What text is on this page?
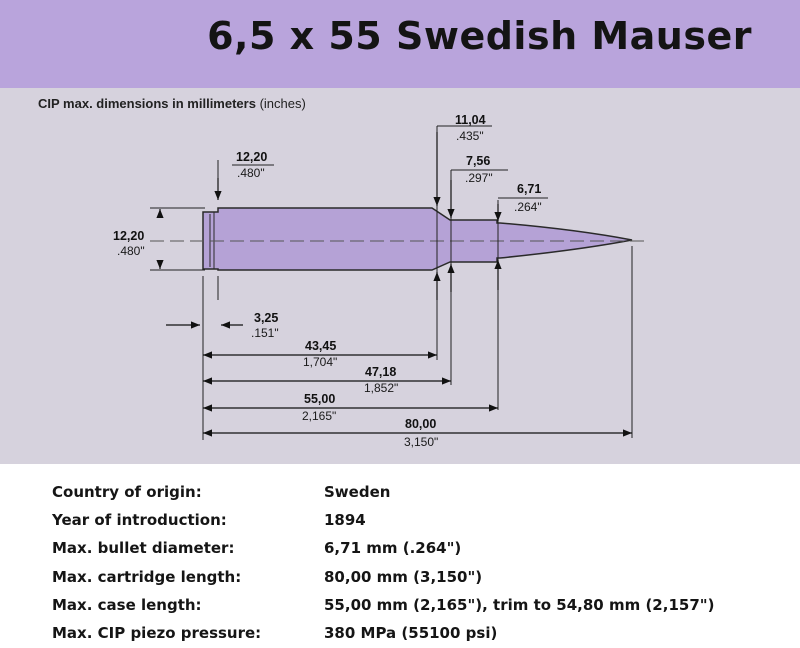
6,5 x 55 Swedish Mauser
12,20
.480"
12,20
.480"
11,04
.435"
7,56
.297"
6,71
.264"
3,25
.151"
43,45
1,704"
47,18
1,852"
55,00
2,165"
80,00
3,150"
CIP max. dimensions in millimeters (inches)
Country of origin:	Sweden
Year of introduction:	1894
Max. bullet diameter:	6,71 mm (.264")
Max. cartridge length:	80,00 mm (3,150")
Max. case length:	55,00 mm (2,165"), trim to 54,80 mm (2,157")
Max. CIP piezo pressure:	380 MPa (55100 psi)
